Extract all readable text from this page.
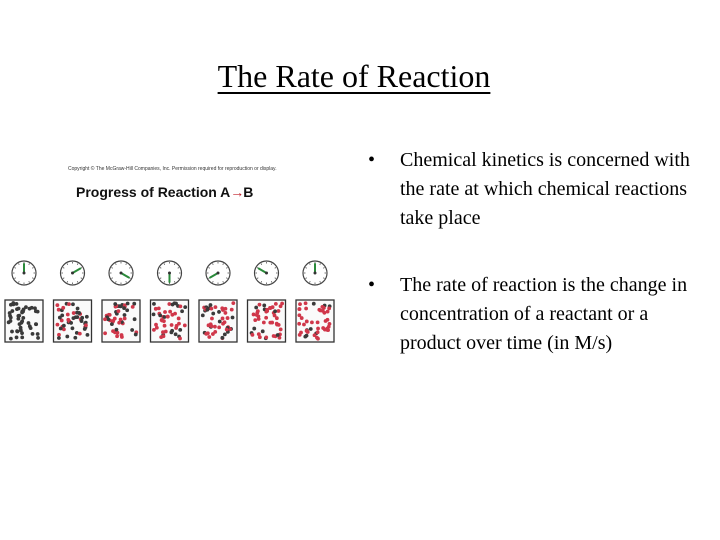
The Rate of Reaction
Copyright © The McGraw-Hill Companies, Inc. Permission required for reproduction or display.
Progress of Reaction A→B
• Chemical kinetics is concerned with the rate at which chemical reactions take place
• The rate of reaction is the change in concentration of a reactant or a product over time (in M/s)
